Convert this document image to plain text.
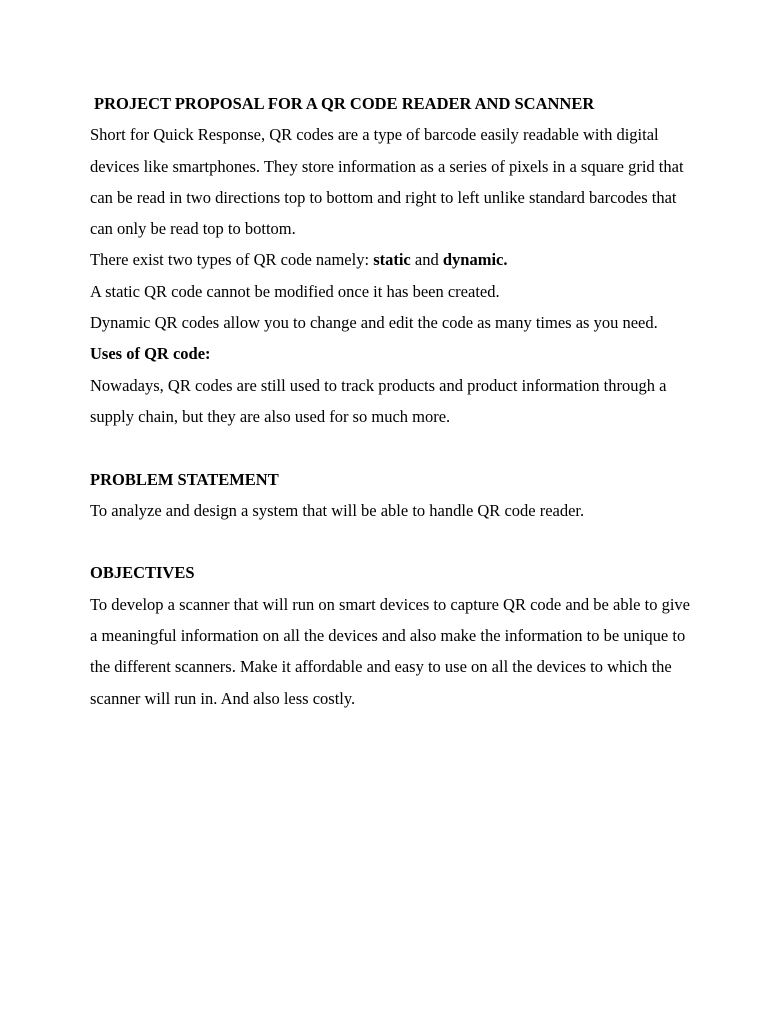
PROJECT PROPOSAL FOR A QR CODE READER AND SCANNER

Short for Quick Response, QR codes are a type of barcode easily readable with digital devices like smartphones. They store information as a series of pixels in a square grid that can be read in two directions top to bottom and right to left unlike standard barcodes that can only be read top to bottom.

There exist two types of QR code namely: static and dynamic.

A static QR code cannot be modified once it has been created.

Dynamic QR codes allow you to change and edit the code as many times as you need.

Uses of QR code:

Nowadays, QR codes are still used to track products and product information through a supply chain, but they are also used for so much more.

PROBLEM STATEMENT

To analyze and design a system that will be able to handle QR code reader.

OBJECTIVES

To develop a scanner that will run on smart devices to capture QR code and be able to give a meaningful information on all the devices and also make the information to be unique to the different scanners. Make it affordable and easy to use on all the devices to which the scanner will run in. And also less costly.
